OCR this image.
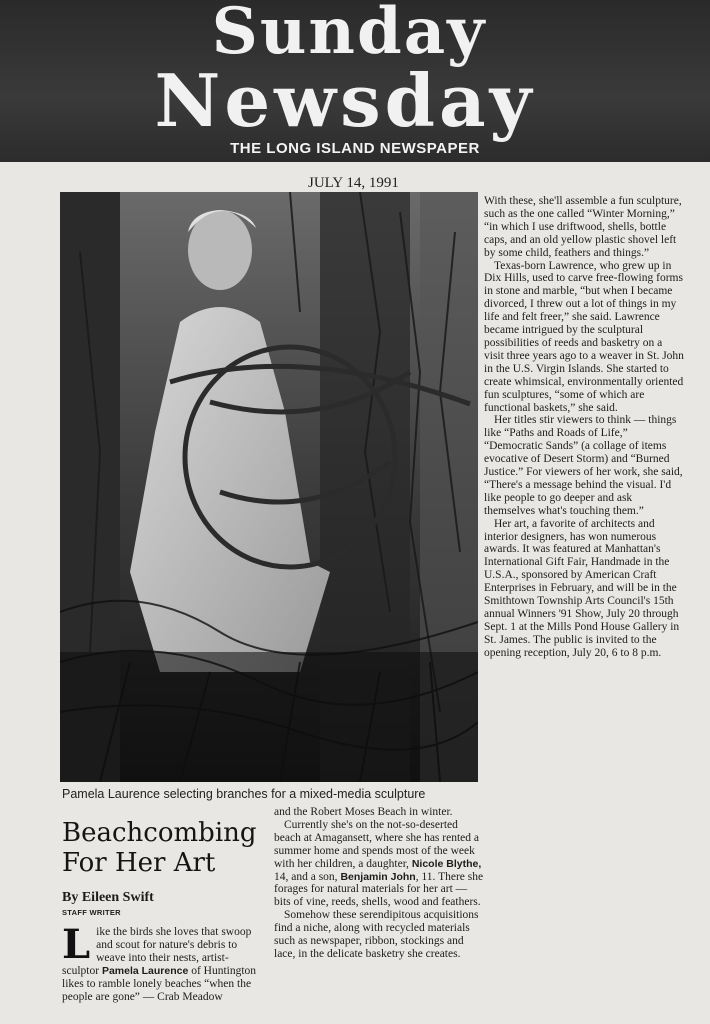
Sunday
Newsday
THE LONG ISLAND NEWSPAPER
JULY 14, 1991
Pamela Laurence selecting branches for a mixed-media sculpture
Beachcombing For Her Art
By Eileen Swift
STAFF WRITER

Like the birds she loves that swoop and scout for nature's debris to weave into their nests, artist-sculptor Pamela Laurence of Huntington likes to ramble lonely beaches “when the people are gone” — Crab Meadow

and the Robert Moses Beach in winter.

Currently she's on the not-so-deserted beach at Amagansett, where she has rented a summer home and spends most of the week with her children, a daughter, Nicole Blythe, 14, and a son, Benjamin John, 11. There she forages for natural materials for her art — bits of vine, reeds, shells, wood and feathers.

Somehow these serendipitous acquisitions find a niche, along with recycled materials such as newspaper, ribbon, stockings and lace, in the delicate basketry she creates.

With these, she'll assemble a fun sculpture, such as the one called “Winter Morning,” “in which I use driftwood, shells, bottle caps, and an old yellow plastic shovel left by some child, feathers and things.”

Texas-born Lawrence, who grew up in Dix Hills, used to carve free-flowing forms in stone and marble, “but when I became divorced, I threw out a lot of things in my life and felt freer,” she said. Lawrence became intrigued by the sculptural possibilities of reeds and basketry on a visit three years ago to a weaver in St. John in the U.S. Virgin Islands. She started to create whimsical, environmentally oriented fun sculptures, “some of which are functional baskets,” she said.

Her titles stir viewers to think — things like “Paths and Roads of Life,” “Democratic Sands” (a collage of items evocative of Desert Storm) and “Burned Justice.” For viewers of her work, she said, “There's a message behind the visual. I'd like people to go deeper and ask themselves what's touching them.”

Her art, a favorite of architects and interior designers, has won numerous awards. It was featured at Manhattan's International Gift Fair, Handmade in the U.S.A., sponsored by American Craft Enterprises in February, and will be in the Smithtown Township Arts Council's 15th annual Winners '91 Show, July 20 through Sept. 1 at the Mills Pond House Gallery in St. James. The public is invited to the opening reception, July 20, 6 to 8 p.m.
